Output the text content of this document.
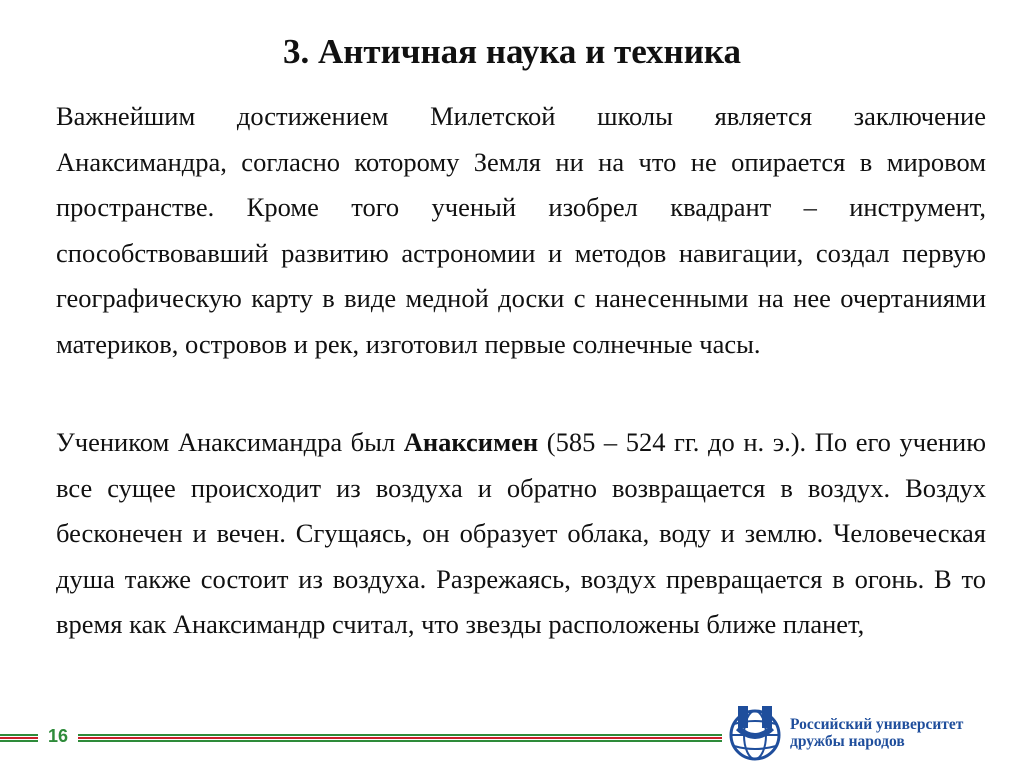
3. Античная наука и техника
Важнейшим достижением Милетской школы является заключение Анаксимандра, согласно которому Земля ни на что не опирается в мировом пространстве. Кроме того ученый изобрел квадрант – инструмент, способствовавший развитию астрономии и методов навигации, создал первую географическую карту в виде медной доски с нанесенными на нее очертаниями материков, островов и рек, изготовил первые солнечные часы.
Учеником Анаксимандра был Анаксимен (585 – 524 гг. до н. э.). По его учению все сущее происходит из воздуха и обратно возвращается в воздух. Воздух бесконечен и вечен. Сгущаясь, он образует облака, воду и землю. Человеческая душа также состоит из воздуха. Разрежаясь, воздух превращается в огонь. В то время как Анаксимандр считал, что звезды расположены ближе планет,
16
Российский университет
дружбы народов
